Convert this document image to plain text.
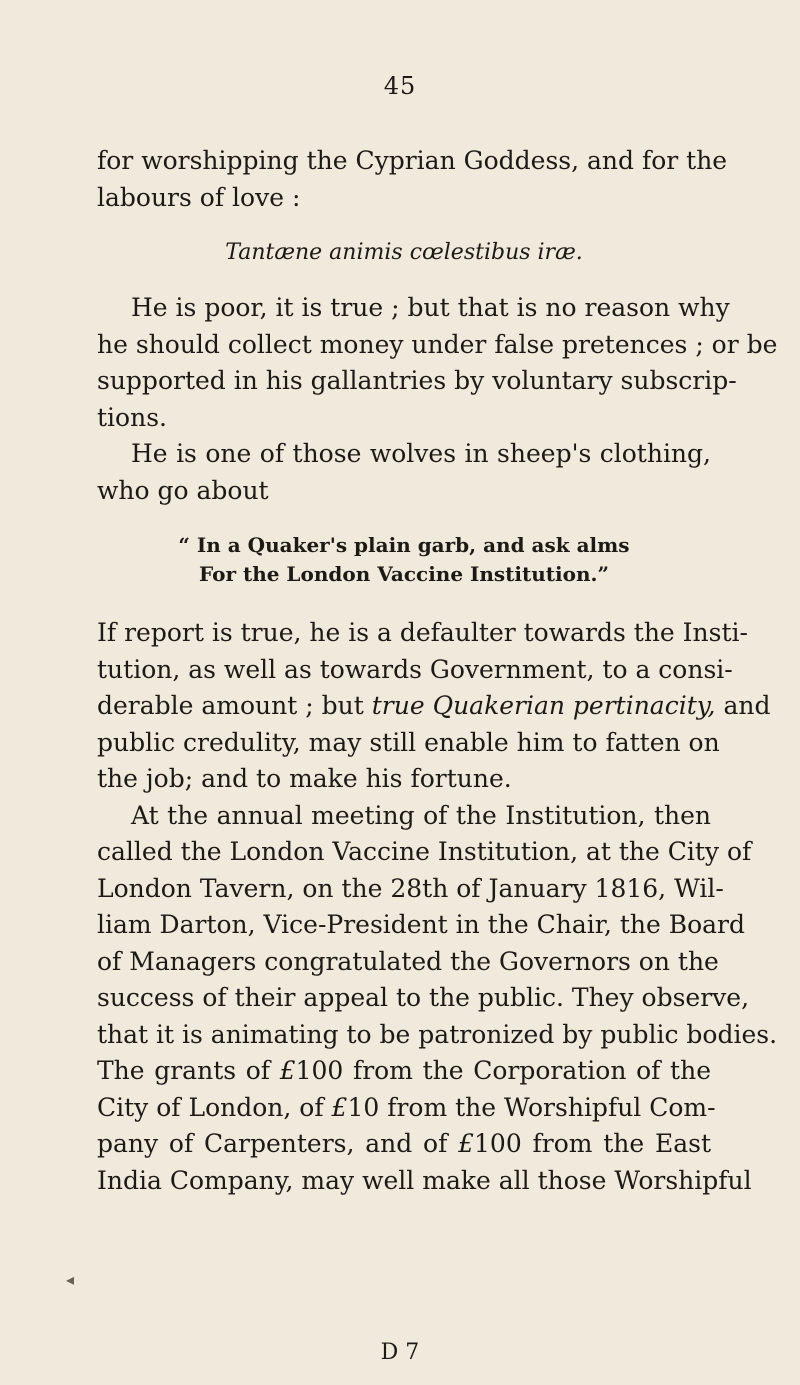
45
for worshipping the Cyprian Goddess, and for the
labours of love :
Tantæne animis cœlestibus iræ.
He is poor, it is true ; but that is no reason why
he should collect money under false pretences ; or be
supported in his gallantries by voluntary subscrip-
tions.
He is one of those wolves in sheep's clothing,
who go about
“ In a Quaker's plain garb, and ask alms
For the London Vaccine Institution.”
If report is true, he is a defaulter towards the Insti-
tution, as well as towards Government, to a consi-
derable amount ; but true Quakerian pertinacity, and
public credulity, may still enable him to fatten on
the job; and to make his fortune.
At the annual meeting of the Institution, then
called the London Vaccine Institution, at the City of
London Tavern, on the 28th of January 1816, Wil-
liam Darton, Vice-President in the Chair, the Board
of Managers congratulated the Governors on the
success of their appeal to the public. They observe,
that it is animating to be patronized by public bodies.
The grants of £100 from the Corporation of the
City of London, of £10 from the Worshipful Com-
pany of Carpenters, and of £100 from the East
India Company, may well make all those Worshipful
◂
D 7
